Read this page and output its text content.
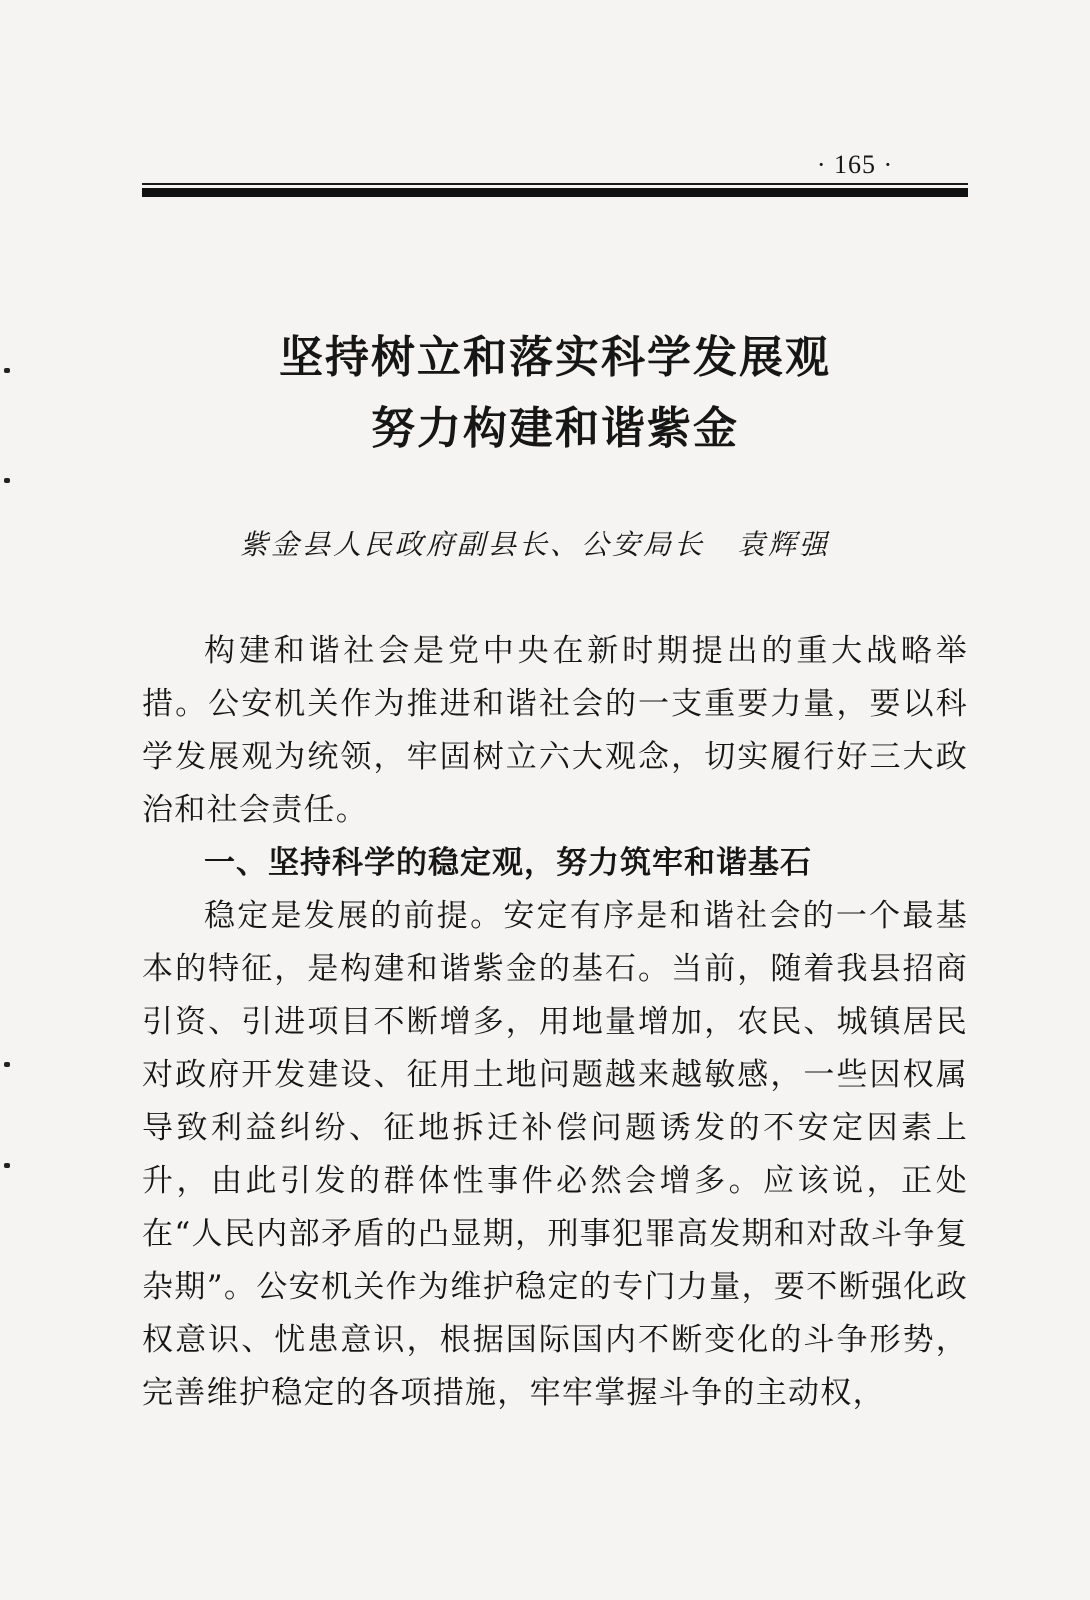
· 165 ·
坚持树立和落实科学发展观
努力构建和谐紫金
紫金县人民政府副县长、公安局长 袁辉强

构建和谐社会是党中央在新时期提出的重大战略举措。公安机关作为推进和谐社会的一支重要力量，要以科学发展观为统领，牢固树立六大观念，切实履行好三大政治和社会责任。

一、坚持科学的稳定观，努力筑牢和谐基石

稳定是发展的前提。安定有序是和谐社会的一个最基本的特征，是构建和谐紫金的基石。当前，随着我县招商引资、引进项目不断增多，用地量增加，农民、城镇居民对政府开发建设、征用土地问题越来越敏感，一些因权属导致利益纠纷、征地拆迁补偿问题诱发的不安定因素上升，由此引发的群体性事件必然会增多。应该说，正处在“人民内部矛盾的凸显期，刑事犯罪高发期和对敌斗争复杂期”。公安机关作为维护稳定的专门力量，要不断强化政权意识、忧患意识，根据国际国内不断变化的斗争形势，完善维护稳定的各项措施，牢牢掌握斗争的主动权，
